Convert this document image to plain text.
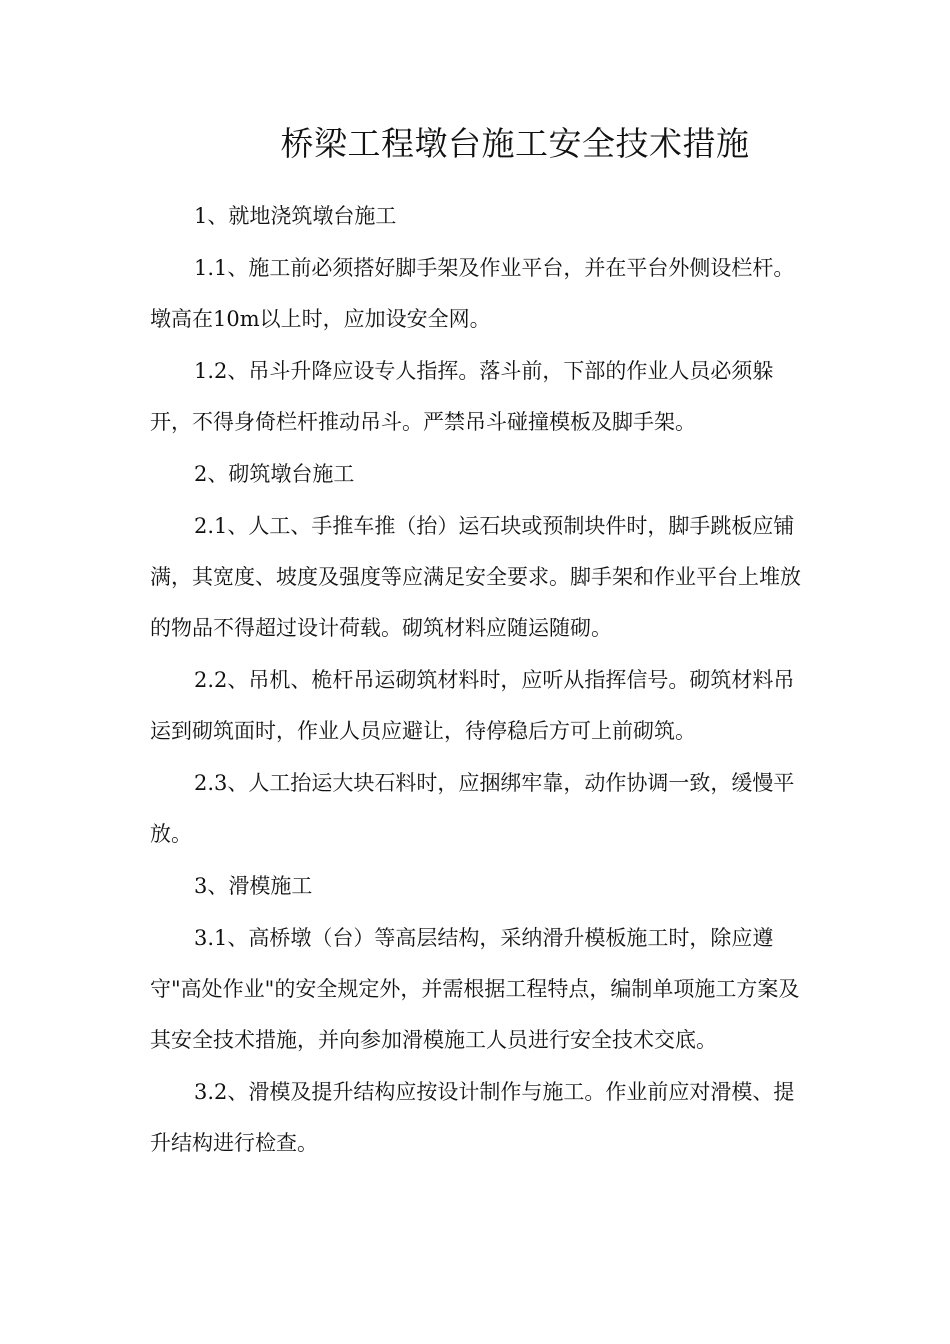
桥梁工程墩台施工安全技术措施

1、就地浇筑墩台施工

1.1、施工前必须搭好脚手架及作业平台，并在平台外侧设栏杆。墩高在10m以上时，应加设安全网。

1.2、吊斗升降应设专人指挥。落斗前，下部的作业人员必须躲开，不得身倚栏杆推动吊斗。严禁吊斗碰撞模板及脚手架。

2、砌筑墩台施工

2.1、人工、手推车推（抬）运石块或预制块件时，脚手跳板应铺满，其宽度、坡度及强度等应满足安全要求。脚手架和作业平台上堆放的物品不得超过设计荷载。砌筑材料应随运随砌。

2.2、吊机、桅杆吊运砌筑材料时，应听从指挥信号。砌筑材料吊运到砌筑面时，作业人员应避让，待停稳后方可上前砌筑。

2.3、人工抬运大块石料时，应捆绑牢靠，动作协调一致，缓慢平放。

3、滑模施工

3.1、高桥墩（台）等高层结构，采纳滑升模板施工时，除应遵守"高处作业"的安全规定外，并需根据工程特点，编制单项施工方案及其安全技术措施，并向参加滑模施工人员进行安全技术交底。

3.2、滑模及提升结构应按设计制作与施工。作业前应对滑模、提升结构进行检查。
